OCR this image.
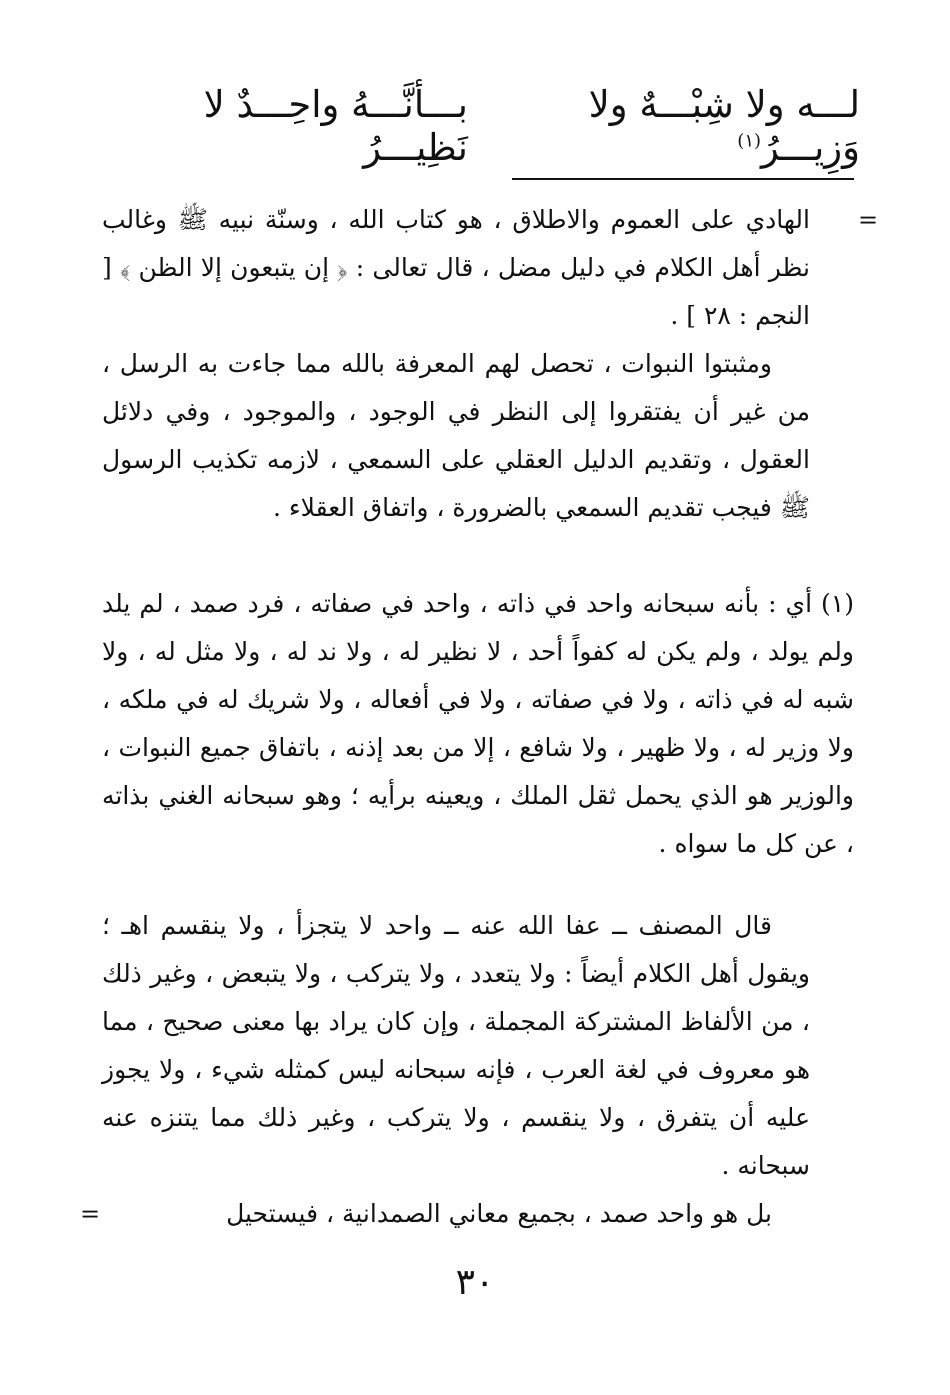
بـــأنَّـــهُ واحِـــدٌ لا نَظِيـــرُ
لـــه ولا شِبْـــهٌ ولا وَزِيـــرُ$^{(١)}$
=

الهادي على العموم والاطلاق ، هو كتاب الله ، وسنّة نبيه ﷺ وغالب نظر أهل الكلام في دليل مضل ، قال تعالى : ﴿ إن يتبعون إلا الظن ﴾ [ النجم : ٢٨ ] .

ومثبتوا النبوات ، تحصل لهم المعرفة بالله مما جاءت به الرسل ، من غير أن يفتقروا إلى النظر في الوجود ، والموجود ، وفي دلائل العقول ، وتقديم الدليل العقلي على السمعي ، لازمه تكذيب الرسول ﷺ فيجب تقديم السمعي بالضرورة ، واتفاق العقلاء .

(١) أي : بأنه سبحانه واحد في ذاته ، واحد في صفاته ، فرد صمد ، لم يلد ولم يولد ، ولم يكن له كفواً أحد ، لا نظير له ، ولا ند له ، ولا مثل له ، ولا شبه له في ذاته ، ولا في صفاته ، ولا في أفعاله ، ولا شريك له في ملكه ، ولا وزير له ، ولا ظهير ، ولا شافع ، إلا من بعد إذنه ، باتفاق جميع النبوات ، والوزير هو الذي يحمل ثقل الملك ، ويعينه برأيه ؛ وهو سبحانه الغني بذاته ، عن كل ما سواه .

قال المصنف ــ عفا الله عنه ــ واحد لا يتجزأ ، ولا ينقسم اهـ ؛ ويقول أهل الكلام أيضاً : ولا يتعدد ، ولا يتركب ، ولا يتبعض ، وغير ذلك ، من الألفاظ المشتركة المجملة ، وإن كان يراد بها معنى صحيح ، مما هو معروف في لغة العرب ، فإنه سبحانه ليس كمثله شيء ، ولا يجوز عليه أن يتفرق ، ولا ينقسم ، ولا يتركب ، وغير ذلك مما يتنزه عنه سبحانه .

بل هو واحد صمد ، بجميع معاني الصمدانية ، فيستحيل

=
٣٠
